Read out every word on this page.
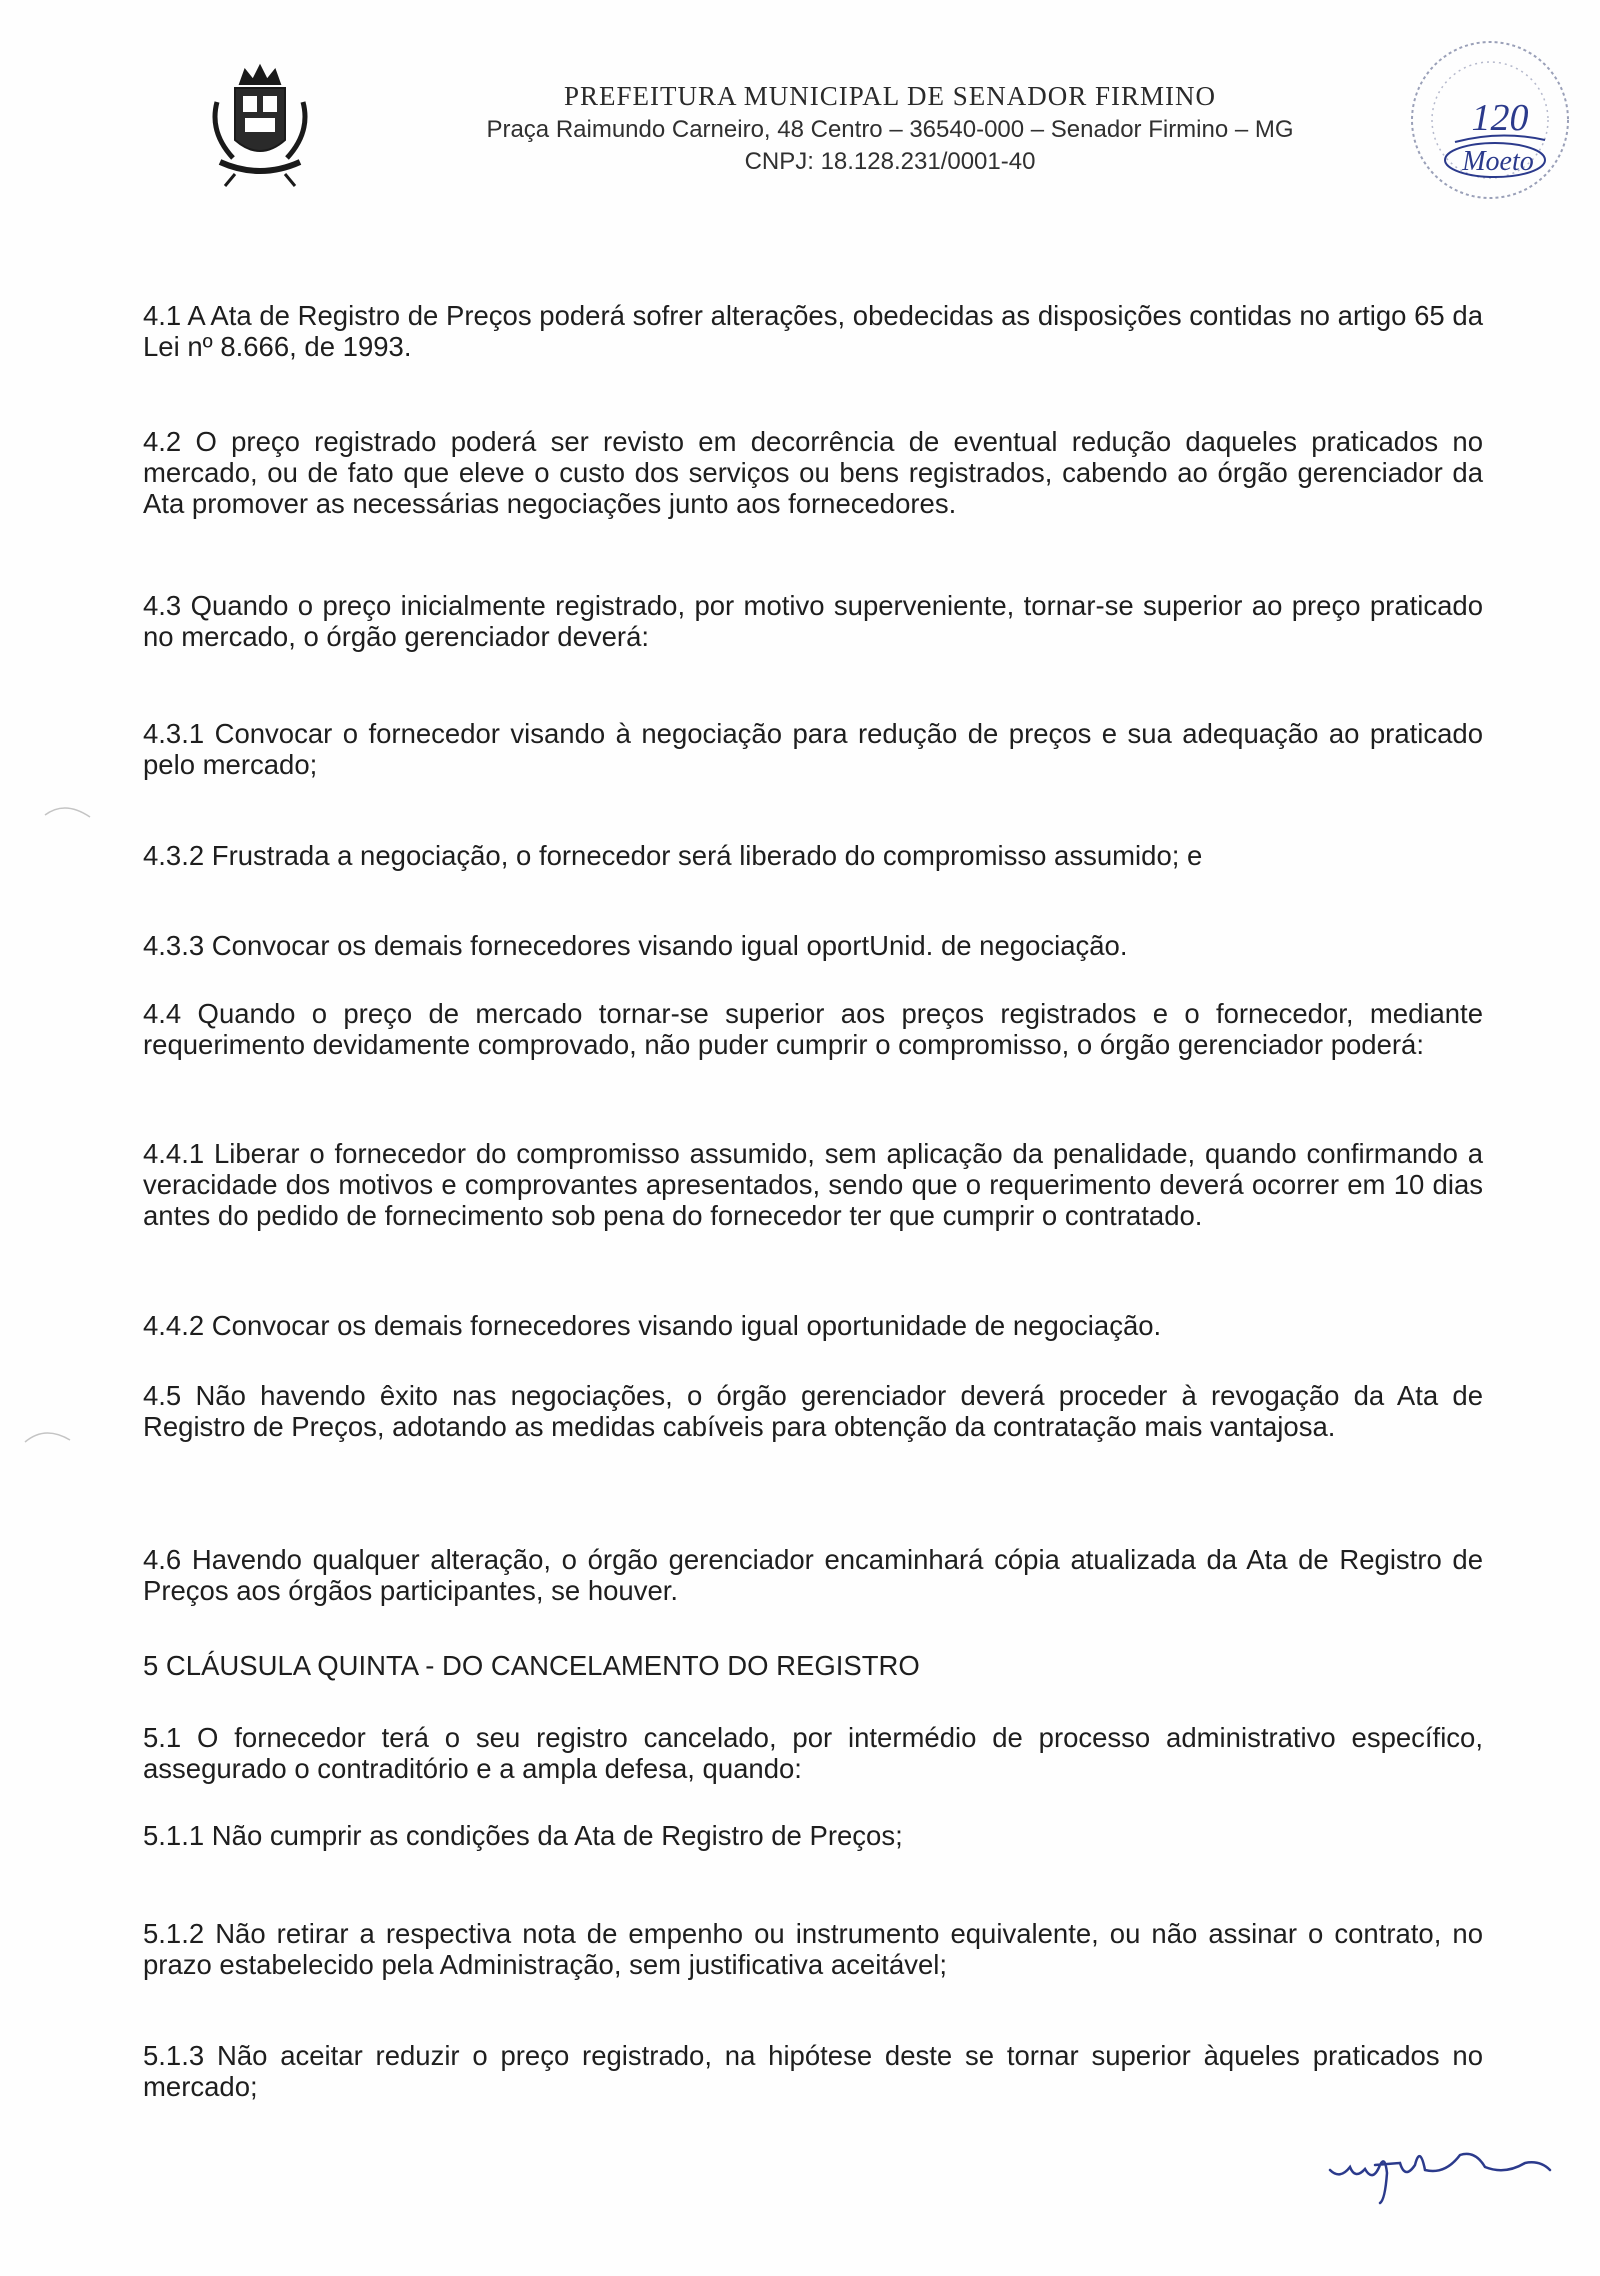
PREFEITURA MUNICIPAL DE SENADOR FIRMINO
Praça Raimundo Carneiro, 48 Centro – 36540-000 – Senador Firmino – MG
CNPJ: 18.128.231/0001-40
120
Moeto
4.1 A Ata de Registro de Preços poderá sofrer alterações, obedecidas as disposições contidas no artigo 65 da Lei nº 8.666, de 1993.
4.2 O preço registrado poderá ser revisto em decorrência de eventual redução daqueles praticados no mercado, ou de fato que eleve o custo dos serviços ou bens registrados, cabendo ao órgão gerenciador da Ata promover as necessárias negociações junto aos fornecedores.
4.3 Quando o preço inicialmente registrado, por motivo superveniente, tornar-se superior ao preço praticado no mercado, o órgão gerenciador deverá:
4.3.1 Convocar o fornecedor visando à negociação para redução de preços e sua adequação ao praticado pelo mercado;
4.3.2 Frustrada a negociação, o fornecedor será liberado do compromisso assumido; e
4.3.3 Convocar os demais fornecedores visando igual oportUnid. de negociação.
4.4 Quando o preço de mercado tornar-se superior aos preços registrados e o fornecedor, mediante requerimento devidamente comprovado, não puder cumprir o compromisso, o órgão gerenciador poderá:
4.4.1 Liberar o fornecedor do compromisso assumido, sem aplicação da penalidade, quando confirmando a veracidade dos motivos e comprovantes apresentados, sendo que o requerimento deverá ocorrer em 10 dias antes do pedido de fornecimento sob pena do fornecedor ter que cumprir o contratado.
4.4.2 Convocar os demais fornecedores visando igual oportunidade de negociação.
4.5 Não havendo êxito nas negociações, o órgão gerenciador deverá proceder à revogação da Ata de Registro de Preços, adotando as medidas cabíveis para obtenção da contratação mais vantajosa.
4.6 Havendo qualquer alteração, o órgão gerenciador encaminhará cópia atualizada da Ata de Registro de Preços aos órgãos participantes, se houver.
5 CLÁUSULA QUINTA - DO CANCELAMENTO DO REGISTRO
5.1 O fornecedor terá o seu registro cancelado, por intermédio de processo administrativo específico, assegurado o contraditório e a ampla defesa, quando:
5.1.1 Não cumprir as condições da Ata de Registro de Preços;
5.1.2 Não retirar a respectiva nota de empenho ou instrumento equivalente, ou não assinar o contrato, no prazo estabelecido pela Administração, sem justificativa aceitável;
5.1.3 Não aceitar reduzir o preço registrado, na hipótese deste se tornar superior àqueles praticados no mercado;
